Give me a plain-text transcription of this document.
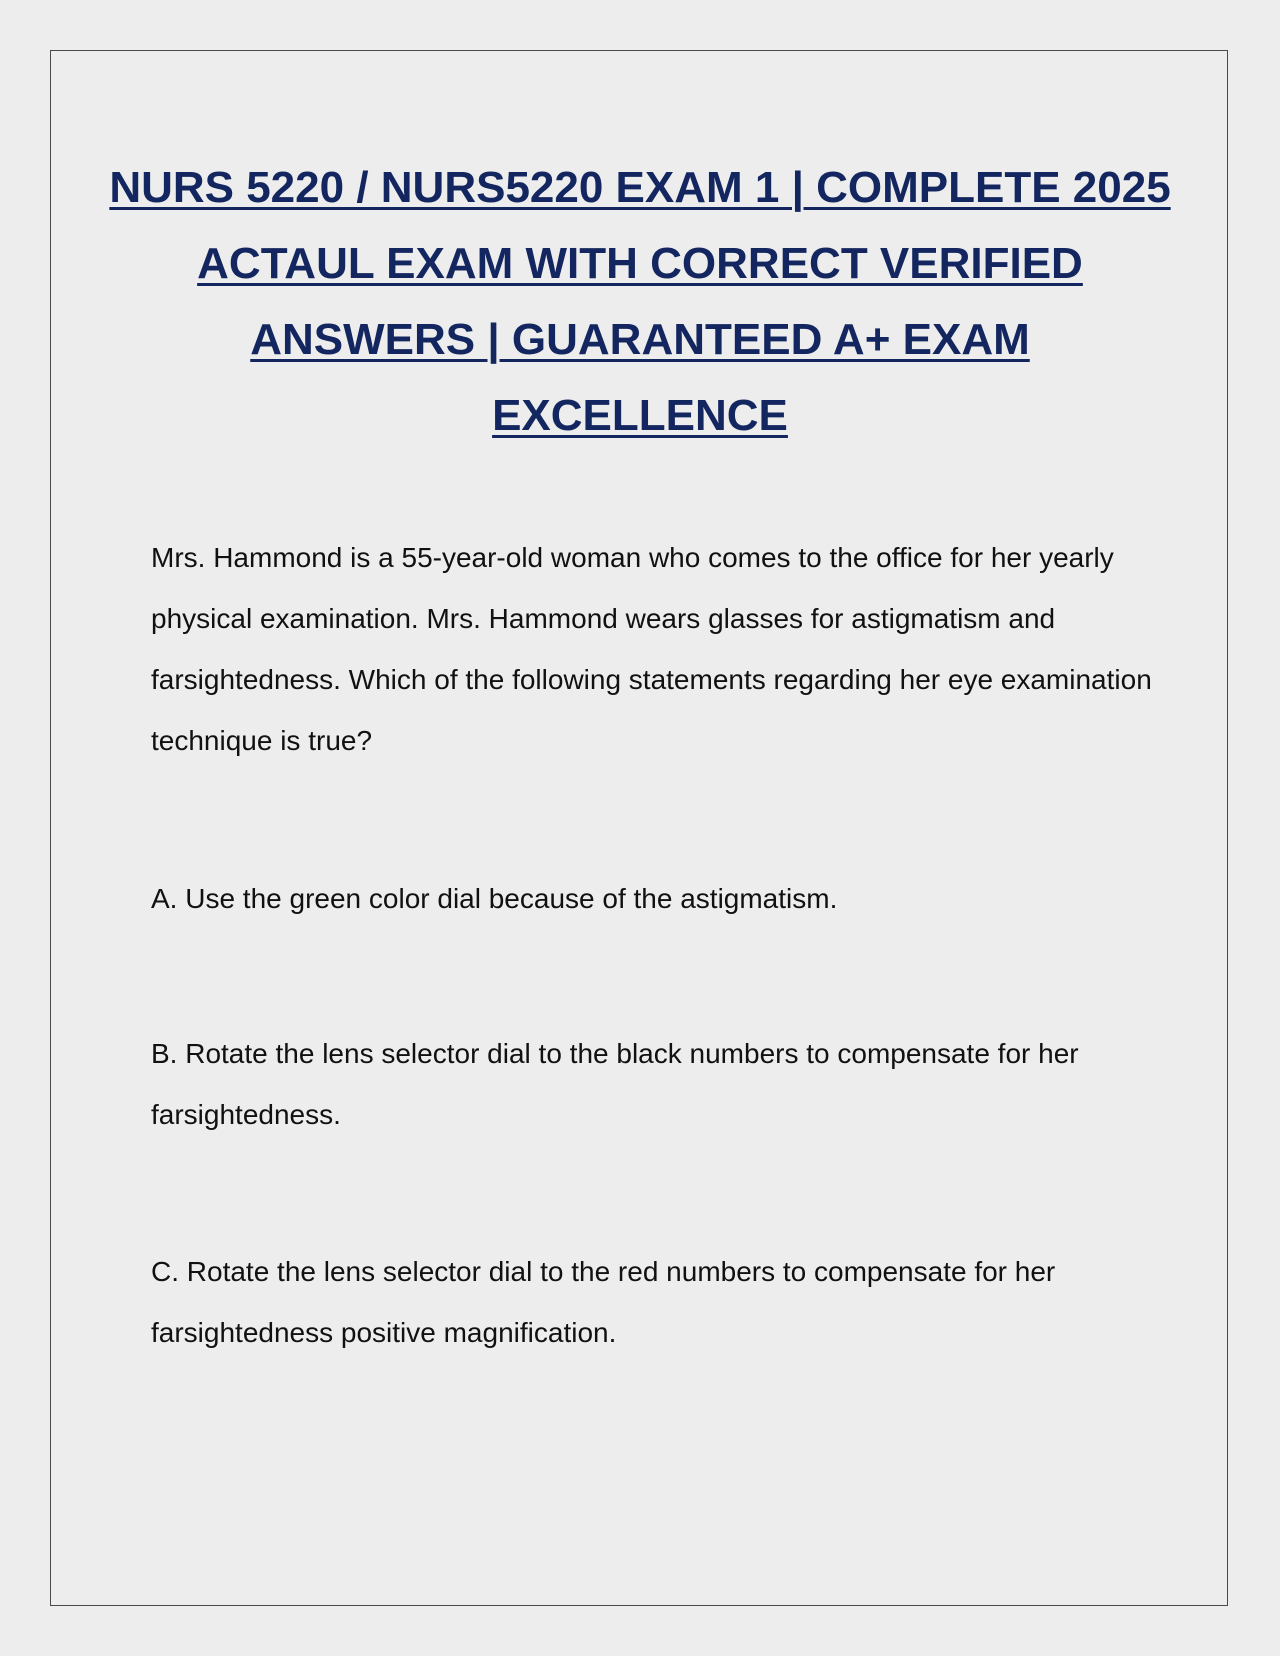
NURS 5220 / NURS5220 EXAM 1 | COMPLETE 2025 ACTAUL EXAM WITH CORRECT VERIFIED ANSWERS | GUARANTEED A+ EXAM EXCELLENCE

Mrs. Hammond is a 55-year-old woman who comes to the office for her yearly physical examination. Mrs. Hammond wears glasses for astigmatism and farsightedness. Which of the following statements regarding her eye examination technique is true?

A. Use the green color dial because of the astigmatism.

B. Rotate the lens selector dial to the black numbers to compensate for her farsightedness.

C. Rotate the lens selector dial to the red numbers to compensate for her farsightedness positive magnification.
